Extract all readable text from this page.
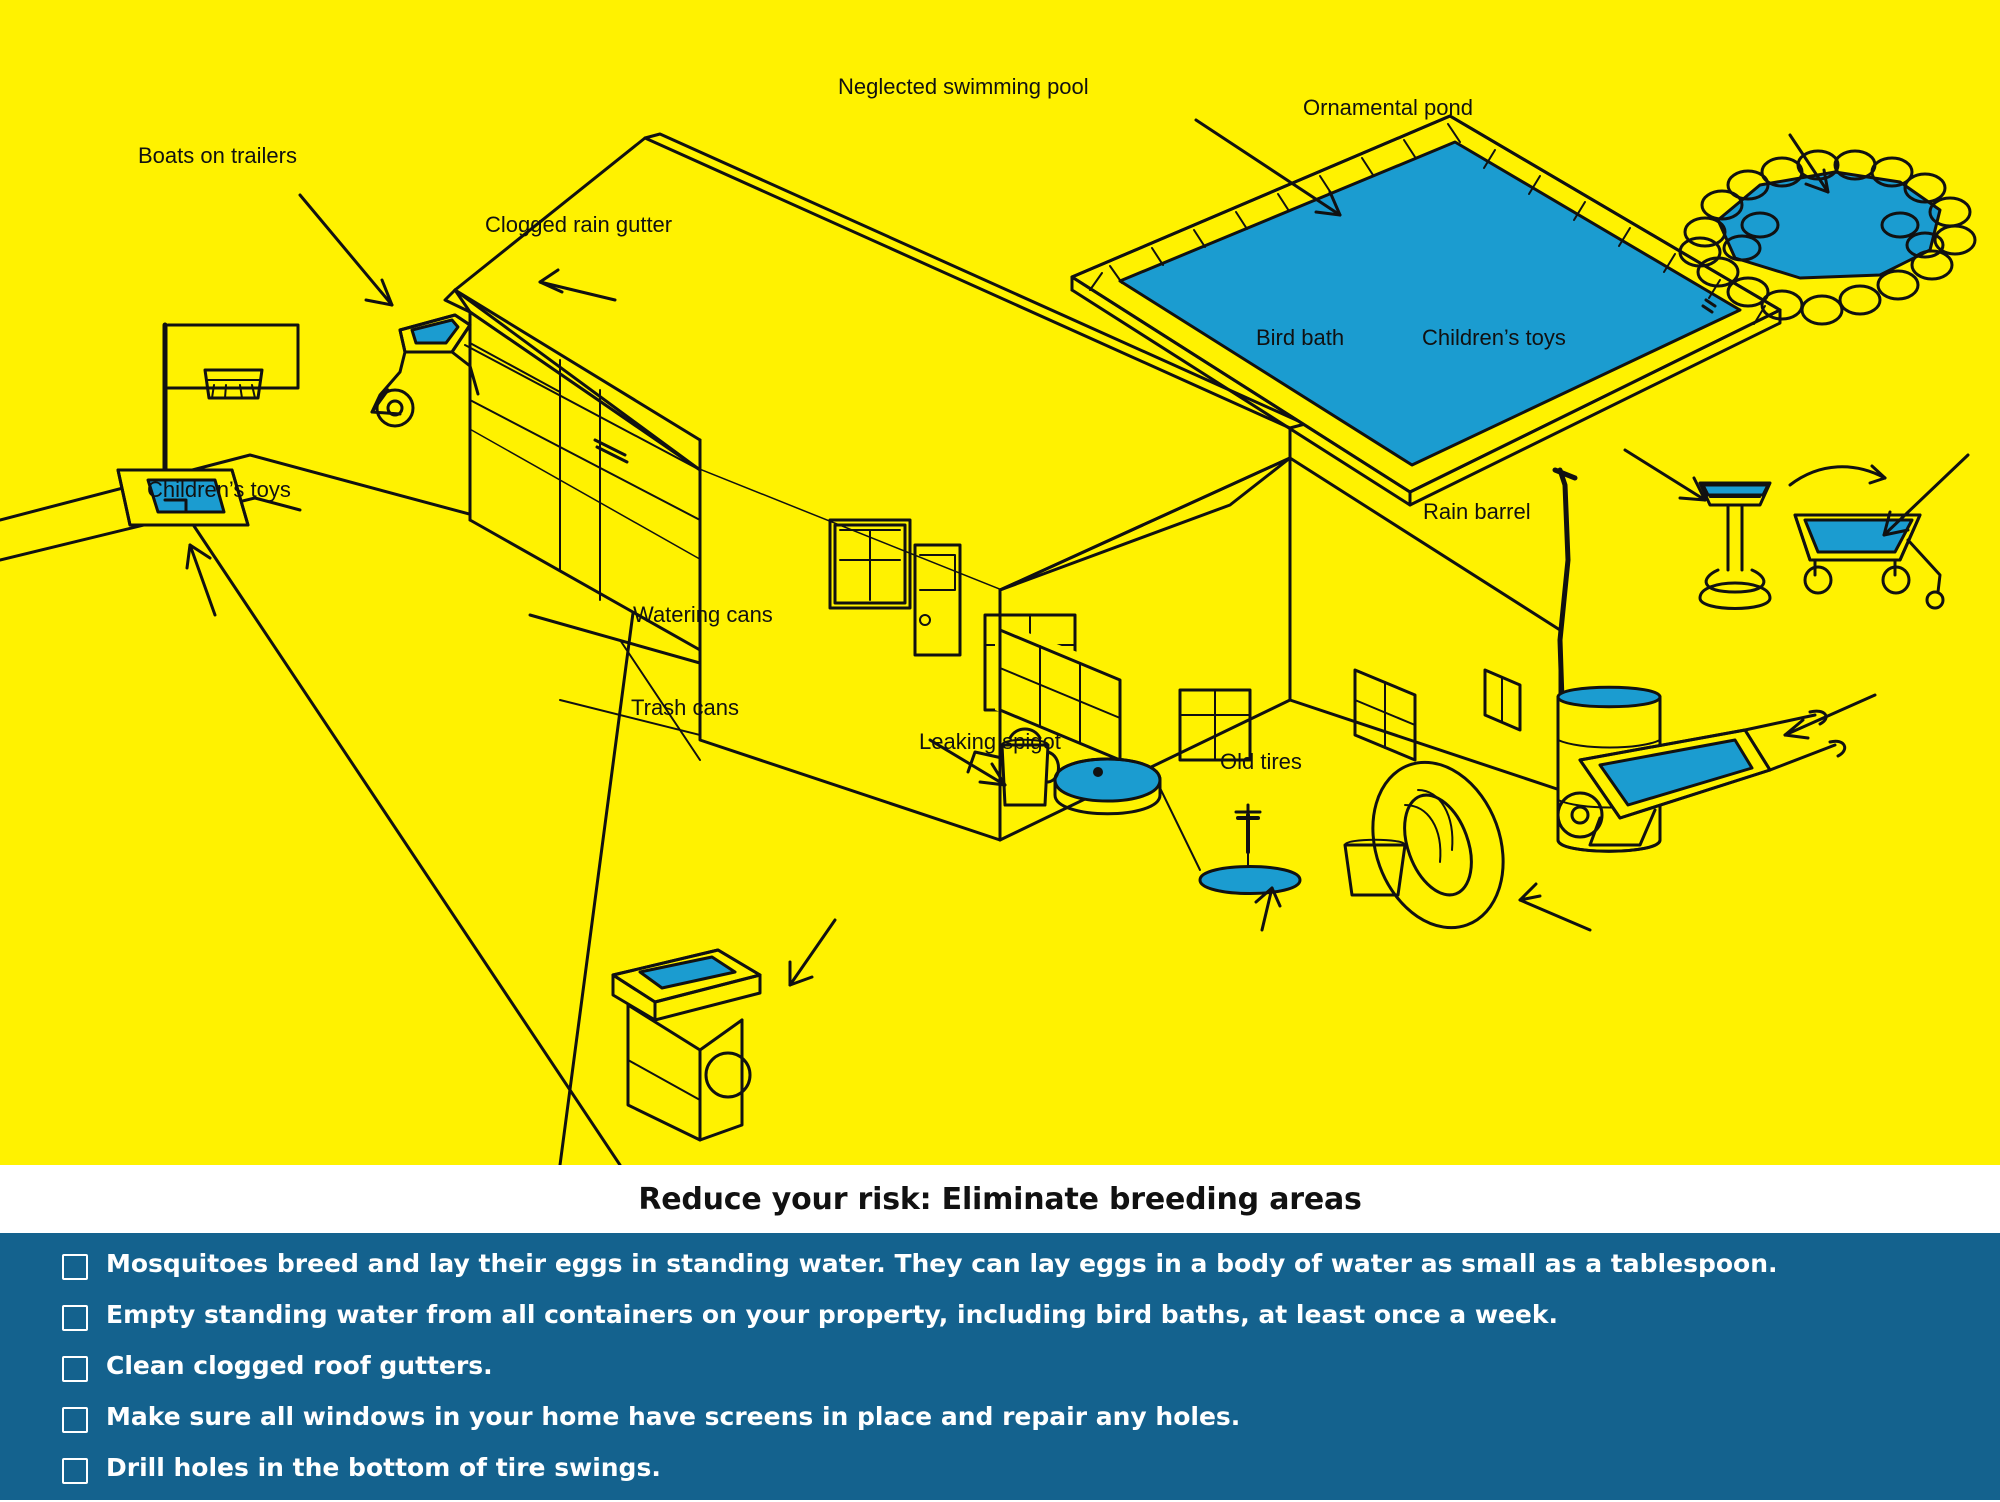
Neglected swimming pool
Ornamental pond
Boats on trailers
Clogged rain gutter
Bird bath	Children’s toys
Children’s toys
Rain barrel
Watering cans
Trash cans
Leaking spigot
Old tires
Reduce your risk: Eliminate breeding areas
Mosquitoes breed and lay their eggs in standing water. They can lay eggs in a body of water as small as a tablespoon.
Empty standing water from all containers on your property, including bird baths, at least once a week.
Clean clogged roof gutters.
Make sure all windows in your home have screens in place and repair any holes.
Drill holes in the bottom of tire swings.
